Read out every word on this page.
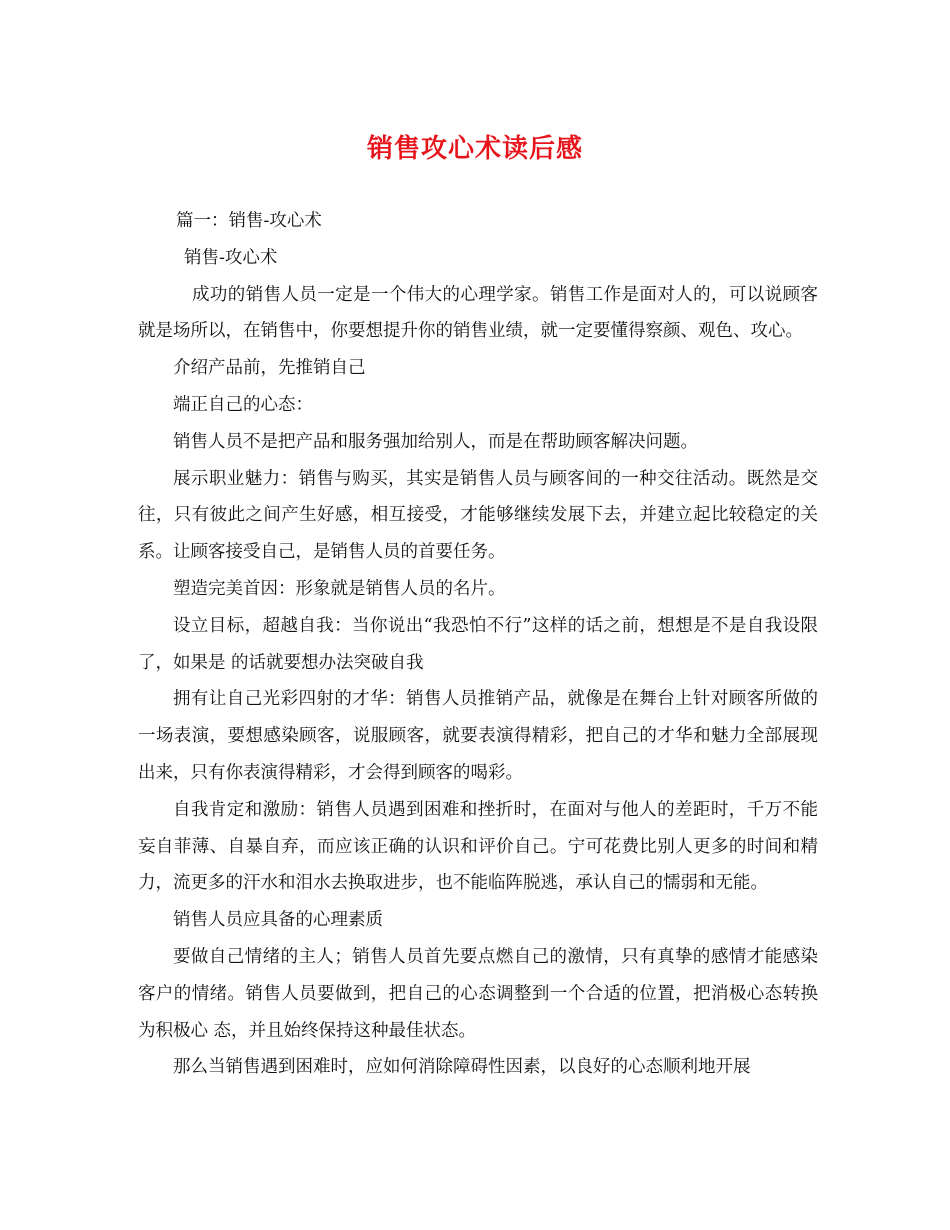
销售攻心术读后感

篇一：销售-攻心术

销售-攻心术

成功的销售人员一定是一个伟大的心理学家。销售工作是面对人的，可以说顾客就是场所以，在销售中，你要想提升你的销售业绩，就一定要懂得察颜、观色、攻心。

介绍产品前，先推销自己

端正自己的心态：

销售人员不是把产品和服务强加给别人，而是在帮助顾客解决问题。

展示职业魅力：销售与购买，其实是销售人员与顾客间的一种交往活动。既然是交往，只有彼此之间产生好感，相互接受，才能够继续发展下去，并建立起比较稳定的关系。让顾客接受自己，是销售人员的首要任务。

塑造完美首因：形象就是销售人员的名片。

设立目标，超越自我：当你说出“我恐怕不行”这样的话之前，想想是不是自我设限了，如果是 的话就要想办法突破自我

拥有让自己光彩四射的才华：销售人员推销产品，就像是在舞台上针对顾客所做的一场表演，要想感染顾客，说服顾客，就要表演得精彩，把自己的才华和魅力全部展现出来，只有你表演得精彩，才会得到顾客的喝彩。

自我肯定和激励：销售人员遇到困难和挫折时，在面对与他人的差距时，千万不能妄自菲薄、自暴自弃，而应该正确的认识和评价自己。宁可花费比别人更多的时间和精力，流更多的汗水和泪水去换取进步，也不能临阵脱逃，承认自己的懦弱和无能。

销售人员应具备的心理素质

要做自己情绪的主人；销售人员首先要点燃自己的激情，只有真挚的感情才能感染客户的情绪。销售人员要做到，把自己的心态调整到一个合适的位置，把消极心态转换为积极心 态，并且始终保持这种最佳状态。

那么当销售遇到困难时，应如何消除障碍性因素，以良好的心态顺利地开展
